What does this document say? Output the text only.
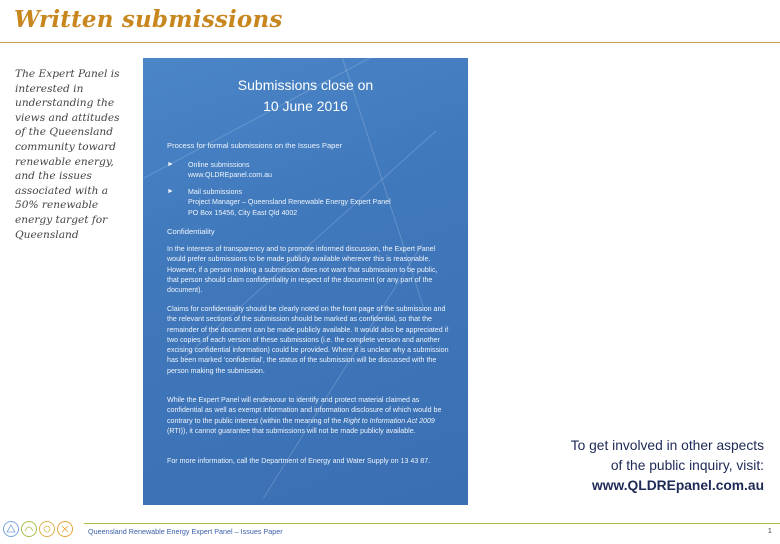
Written submissions
The Expert Panel is interested in understanding the views and attitudes of the Queensland community toward renewable energy, and the issues associated with a 50% renewable energy target for Queensland
Submissions close on
10 June 2016
Process for formal submissions on the Issues Paper
► Online submissions
www.QLDREpanel.com.au
► Mail submissions
Project Manager – Queensland Renewable Energy Expert Panel
PO Box 15456, City East Qld 4002
Confidentiality
In the interests of transparency and to promote informed discussion, the Expert Panel would prefer submissions to be made publicly available wherever this is reasonable. However, if a person making a submission does not want that submission to be public, that person should claim confidentiality in respect of the document (or any part of the document).
Claims for confidentiality should be clearly noted on the front page of the submission and the relevant sections of the submission should be marked as confidential, so that the remainder of the document can be made publicly available. It would also be appreciated if two copies of each version of these submissions (i.e. the complete version and another excising confidential information) could be provided. Where it is unclear why a submission has been marked ‘confidential’, the status of the submission will be discussed with the person making the submission.
While the Expert Panel will endeavour to identify and protect material claimed as confidential as well as exempt information and information disclosure of which would be contrary to the public interest (within the meaning of the Right to Information Act 2009 (RTI)), it cannot guarantee that submissions will not be made publicly available.
For more information, call the Department of Energy and Water Supply on 13 43 87.
To get involved in other aspects
of the public inquiry, visit:
www.QLDREpanel.com.au
Queensland Renewable Energy Expert Panel – Issues Paper	1
